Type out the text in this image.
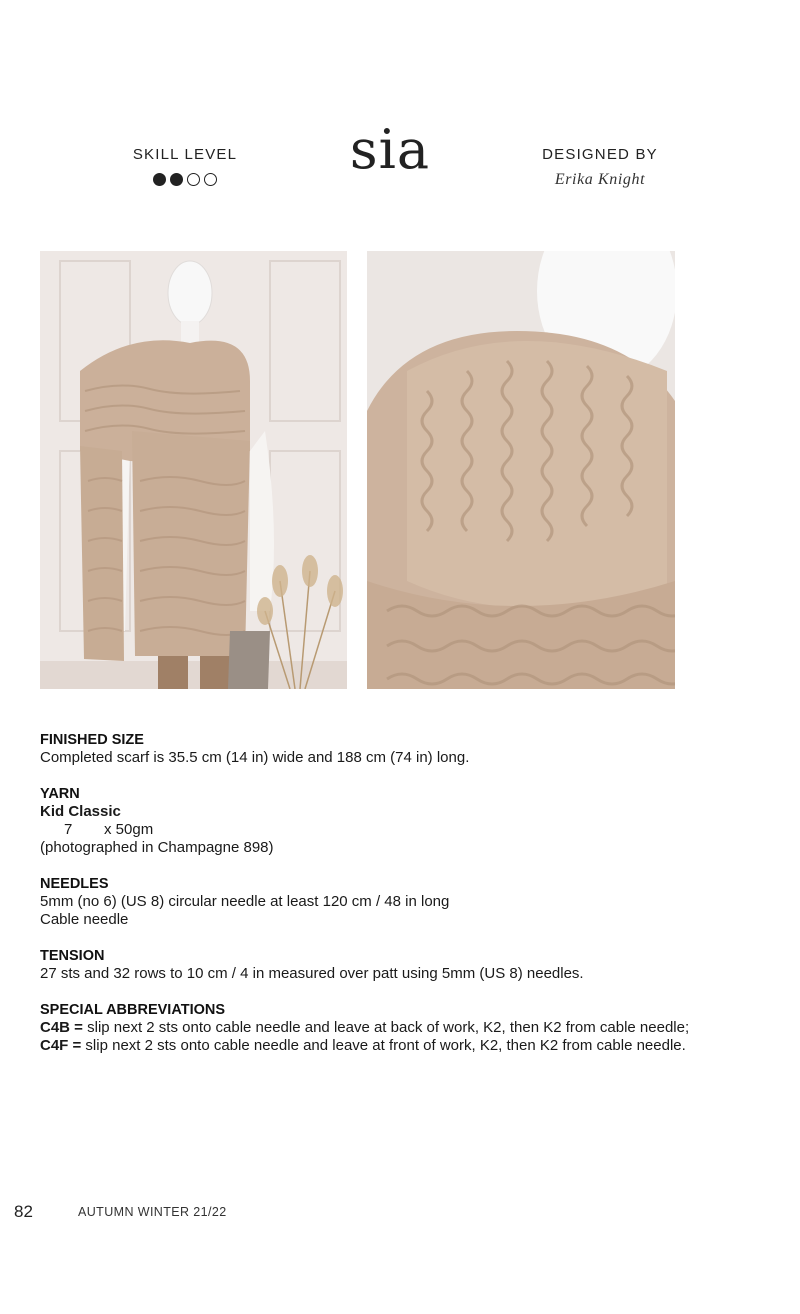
SKILL LEVEL	sia	DESIGNED BY
Erika Knight
FINISHED SIZE
Completed scarf is 35.5 cm (14 in) wide and 188 cm (74 in) long.
YARN
Kid Classic
7 x 50gm
(photographed in Champagne 898)
NEEDLES
5mm (no 6) (US 8) circular needle at least 120 cm / 48 in long
Cable needle
TENSION
27 sts and 32 rows to 10 cm / 4 in measured over patt using 5mm (US 8) needles.
SPECIAL ABBREVIATIONS
C4B = slip next 2 sts onto cable needle and leave at back of work, K2, then K2 from cable needle;
C4F = slip next 2 sts onto cable needle and leave at front of work, K2, then K2 from cable needle.
82	AUTUMN WINTER 21/22
